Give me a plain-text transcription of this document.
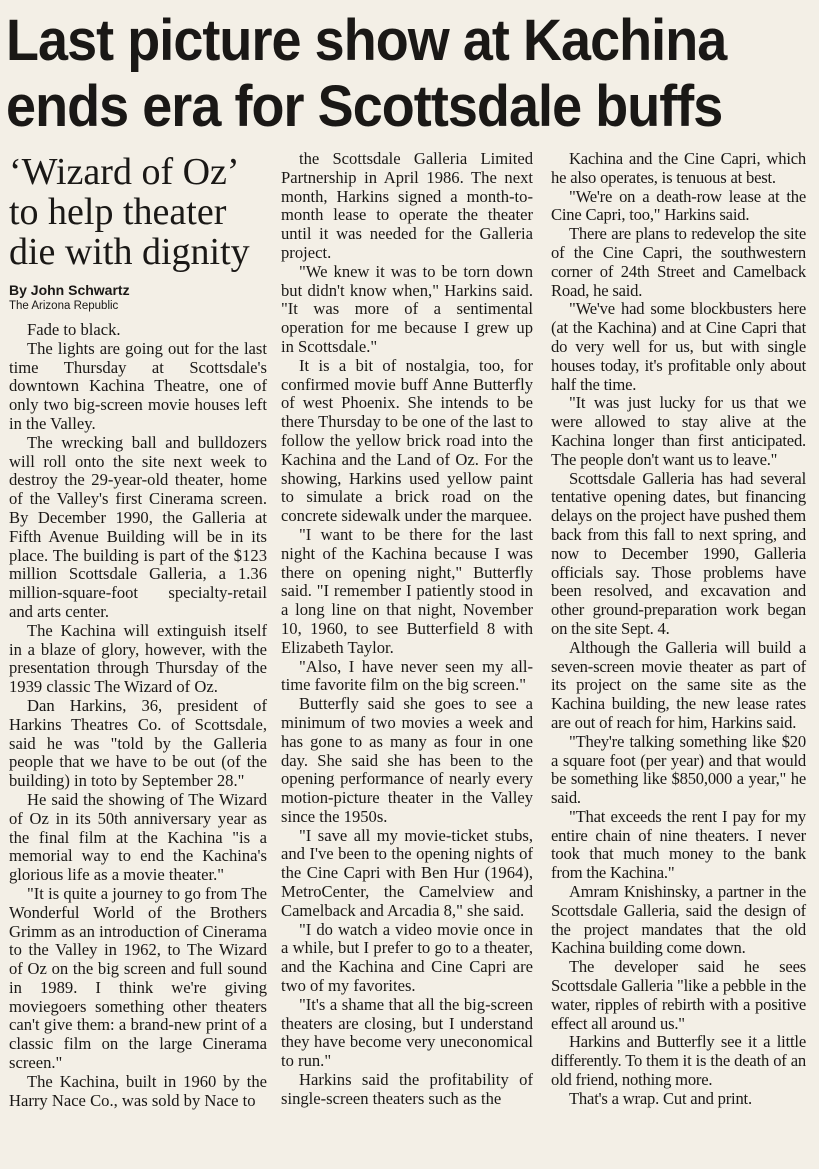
Last picture show at Kachina
ends era for Scottsdale buffs
‘Wizard of Oz’
to help theater
die with dignity
By John Schwartz
The Arizona Republic

Fade to black.

The lights are going out for the last time Thursday at Scottsdale's downtown Kachina Theatre, one of only two big-screen movie houses left in the Valley.

The wrecking ball and bulldozers will roll onto the site next week to destroy the 29-year-old theater, home of the Valley's first Cinerama screen. By December 1990, the Galleria at Fifth Avenue Building will be in its place. The building is part of the $123 million Scottsdale Galleria, a 1.36 million-square-foot specialty-retail and arts center.

The Kachina will extinguish itself in a blaze of glory, however, with the presentation through Thursday of the 1939 classic The Wizard of Oz.

Dan Harkins, 36, president of Harkins Theatres Co. of Scottsdale, said he was "told by the Galleria people that we have to be out (of the building) in toto by September 28."

He said the showing of The Wizard of Oz in its 50th anniversary year as the final film at the Kachina "is a memorial way to end the Kachina's glorious life as a movie theater."

"It is quite a journey to go from The Wonderful World of the Brothers Grimm as an introduction of Cinerama to the Valley in 1962, to The Wizard of Oz on the big screen and full sound in 1989. I think we're giving moviegoers something other theaters can't give them: a brand-new print of a classic film on the large Cinerama screen."

The Kachina, built in 1960 by the Harry Nace Co., was sold by Nace to

the Scottsdale Galleria Limited Partnership in April 1986. The next month, Harkins signed a month-to-month lease to operate the theater until it was needed for the Galleria project.

"We knew it was to be torn down but didn't know when," Harkins said. "It was more of a sentimental operation for me because I grew up in Scottsdale."

It is a bit of nostalgia, too, for confirmed movie buff Anne Butterfly of west Phoenix. She intends to be there Thursday to be one of the last to follow the yellow brick road into the Kachina and the Land of Oz. For the showing, Harkins used yellow paint to simulate a brick road on the concrete sidewalk under the marquee.

"I want to be there for the last night of the Kachina because I was there on opening night," Butterfly said. "I remember I patiently stood in a long line on that night, November 10, 1960, to see Butterfield 8 with Elizabeth Taylor.

"Also, I have never seen my all-time favorite film on the big screen."

Butterfly said she goes to see a minimum of two movies a week and has gone to as many as four in one day. She said she has been to the opening performance of nearly every motion-picture theater in the Valley since the 1950s.

"I save all my movie-ticket stubs, and I've been to the opening nights of the Cine Capri with Ben Hur (1964), MetroCenter, the Camelview and Camelback and Arcadia 8," she said.

"I do watch a video movie once in a while, but I prefer to go to a theater, and the Kachina and Cine Capri are two of my favorites.

"It's a shame that all the big-screen theaters are closing, but I understand they have become very uneconomical to run."

Harkins said the profitability of single-screen theaters such as the

Kachina and the Cine Capri, which he also operates, is tenuous at best.

"We're on a death-row lease at the Cine Capri, too," Harkins said.

There are plans to redevelop the site of the Cine Capri, the southwestern corner of 24th Street and Camelback Road, he said.

"We've had some blockbusters here (at the Kachina) and at Cine Capri that do very well for us, but with single houses today, it's profitable only about half the time.

"It was just lucky for us that we were allowed to stay alive at the Kachina longer than first anticipated. The people don't want us to leave."

Scottsdale Galleria has had several tentative opening dates, but financing delays on the project have pushed them back from this fall to next spring, and now to December 1990, Galleria officials say. Those problems have been resolved, and excavation and other ground-preparation work began on the site Sept. 4.

Although the Galleria will build a seven-screen movie theater as part of its project on the same site as the Kachina building, the new lease rates are out of reach for him, Harkins said.

"They're talking something like $20 a square foot (per year) and that would be something like $850,000 a year," he said.

"That exceeds the rent I pay for my entire chain of nine theaters. I never took that much money to the bank from the Kachina."

Amram Knishinsky, a partner in the Scottsdale Galleria, said the design of the project mandates that the old Kachina building come down.

The developer said he sees Scottsdale Galleria "like a pebble in the water, ripples of rebirth with a positive effect all around us."

Harkins and Butterfly see it a little differently. To them it is the death of an old friend, nothing more.

That's a wrap. Cut and print.
